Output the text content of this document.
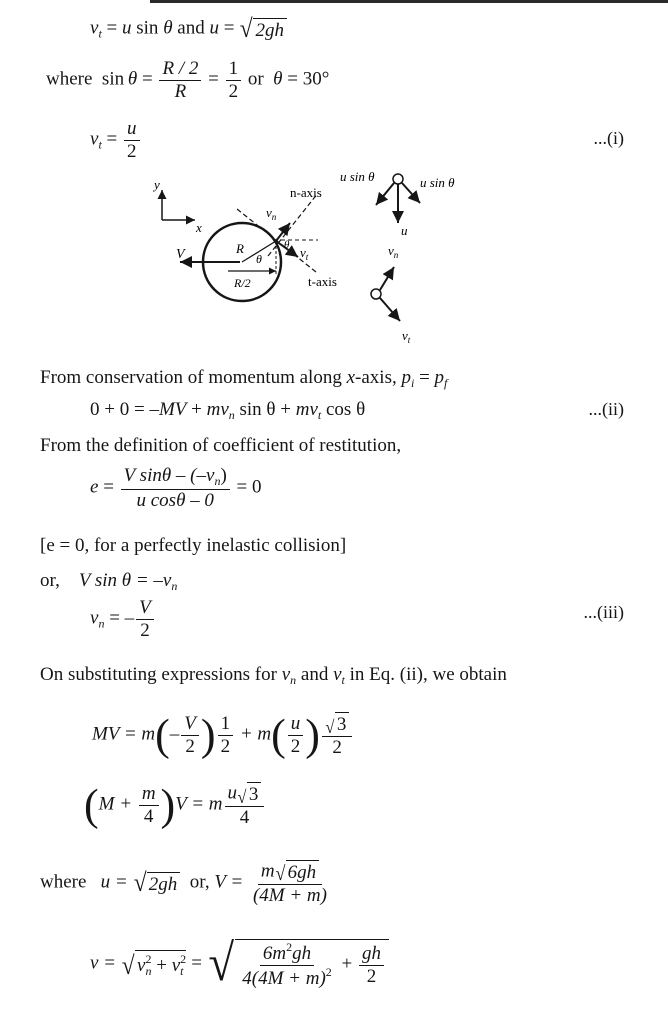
$v_t = u$ sin θ and u = √ 2gh
where $\sin \theta = \frac{R / 2}{R} = \frac{1}{2}$ or θ = 30°
$v_t = \frac{u}{2}$	...(i)
y
x
V	R
R/2
θ
$v_n$
$v_t$
θ
n-axis
t-axis
u sin θ	u sin θ
u
$v_n$
$v_t$
From conservation of momentum along x-axis, $p_i = p_f$
$0 + 0 = -MV + mv_n$ $\sin \theta + mv_t$ cos θ	...(ii)
From the definition of coefficient of restitution,
$e = \frac{V \sin\theta - (-v_n)}{\text{u cosθ – 0}} = 0$
[e = 0, for a perfectly inelastic collision]
or, V $\sin \theta = -v_n$
$v_n$ = – $\frac{V}{2}$	...(iii)
On substituting expressions for $v_n$ and $v_t$ in Eq. (ii), we obtain
MV = $m(- \frac{V}{2}$ ) $\frac{1}{2} + m( \frac{u}{2}$ ) $\frac{√ 3}{2}$
$(M + \frac{m}{4} )V = m \frac{u √ 3}{4}$
where u = √ 2gh or, $V = \frac{m √ 6gh}{(4M + m)}$
v = √ $v^2_n + v^2_t$ = √ $\frac{6m^2gh}{4(4M + m)^2} + \frac{gh}{2}$
